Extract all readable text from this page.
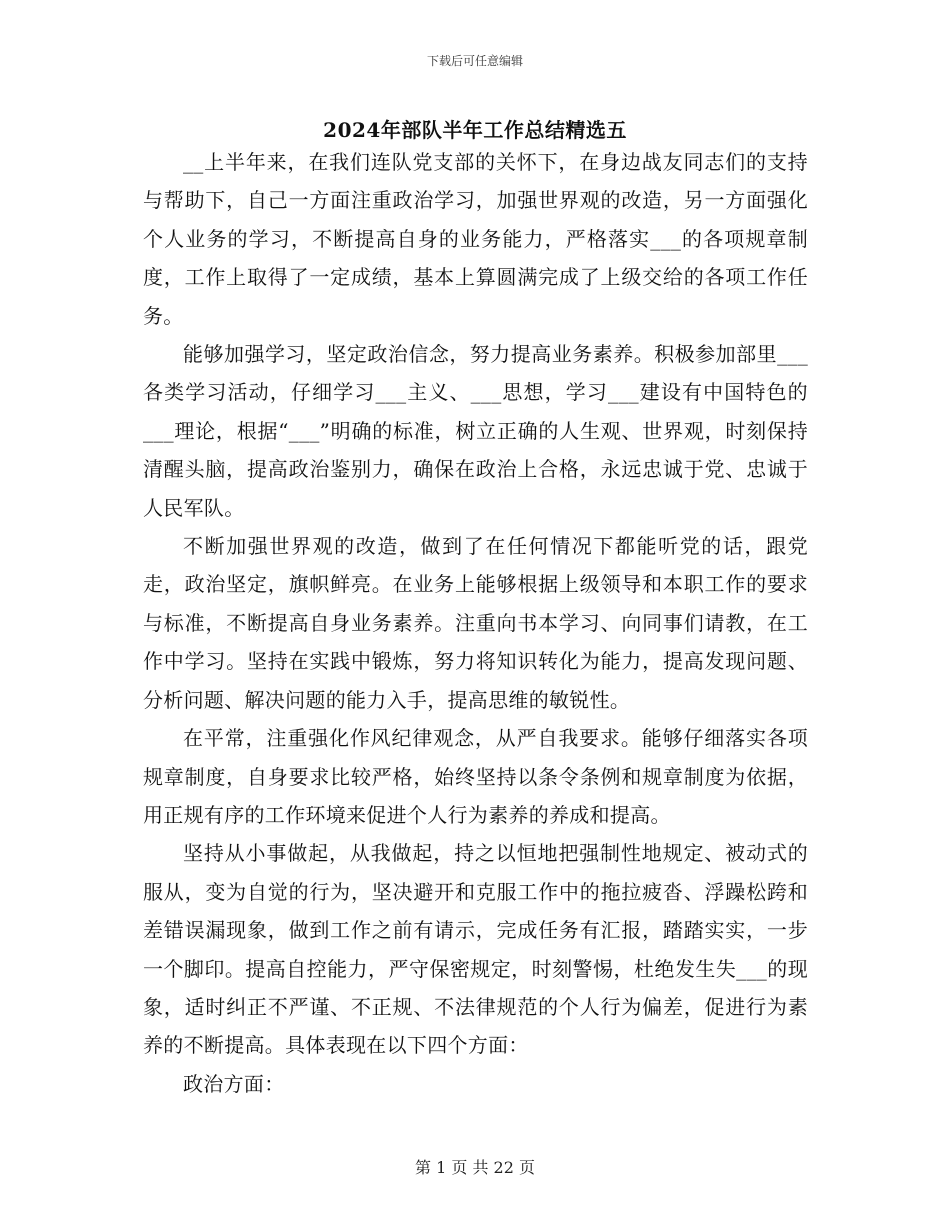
下载后可任意编辑
2024年部队半年工作总结精选五

__上半年来，在我们连队党支部的关怀下，在身边战友同志们的支持与帮助下，自己一方面注重政治学习，加强世界观的改造，另一方面强化个人业务的学习，不断提高自身的业务能力，严格落实___的各项规章制度，工作上取得了一定成绩，基本上算圆满完成了上级交给的各项工作任务。

能够加强学习，坚定政治信念，努力提高业务素养。积极参加部里___各类学习活动，仔细学习___主义、___思想，学习___建设有中国特色的___理论，根据“___”明确的标准，树立正确的人生观、世界观，时刻保持清醒头脑，提高政治鉴别力，确保在政治上合格，永远忠诚于党、忠诚于人民军队。

不断加强世界观的改造，做到了在任何情况下都能听党的话，跟党走，政治坚定，旗帜鲜亮。在业务上能够根据上级领导和本职工作的要求与标准，不断提高自身业务素养。注重向书本学习、向同事们请教，在工作中学习。坚持在实践中锻炼，努力将知识转化为能力，提高发现问题、分析问题、解决问题的能力入手，提高思维的敏锐性。

在平常，注重强化作风纪律观念，从严自我要求。能够仔细落实各项规章制度，自身要求比较严格，始终坚持以条令条例和规章制度为依据，用正规有序的工作环境来促进个人行为素养的养成和提高。

坚持从小事做起，从我做起，持之以恒地把强制性地规定、被动式的服从，变为自觉的行为，坚决避开和克服工作中的拖拉疲沓、浮躁松跨和差错误漏现象，做到工作之前有请示，完成任务有汇报，踏踏实实，一步一个脚印。提高自控能力，严守保密规定，时刻警惕，杜绝发生失___的现象，适时纠正不严谨、不正规、不法律规范的个人行为偏差，促进行为素养的不断提高。具体表现在以下四个方面：

政治方面：

第 1 页 共 22 页
